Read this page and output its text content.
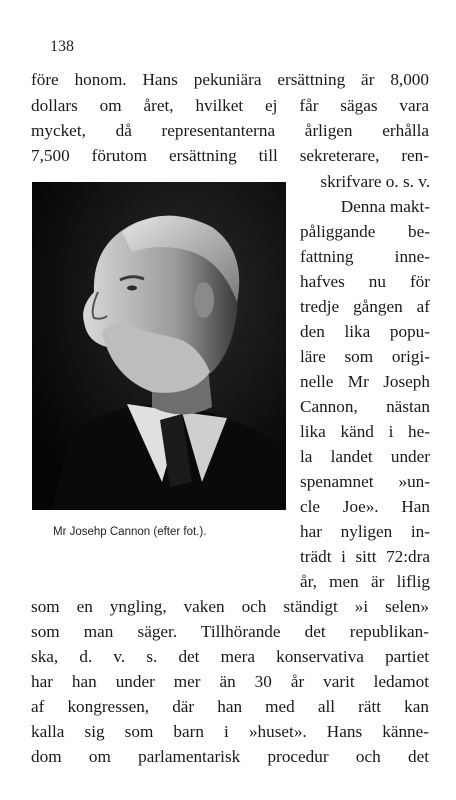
138
före honom. Hans pekuniära ersättning är 8,000
dollars om året, hvilket ej får sägas vara
mycket, då representanterna årligen erhålla
7,500 förutom ersättning till sekreterare, ren-
Mr Josehp Cannon (efter fot.).
skrifvare o. s. v.
Denna makt-
påliggande be-
fattning inne-
hafves nu för
tredje gången af
den lika popu-
läre som origi-
nelle Mr Joseph
Cannon, nästan
lika känd i he-
la landet under
spenamnet »un-
cle Joe». Han
har nyligen in-
trädt i sitt 72:dra
år, men är liflig
som en yngling, vaken och ständigt »i selen»
som man säger. Tillhörande det republikan-
ska, d. v. s. det mera konservativa partiet
har han under mer än 30 år varit ledamot
af kongressen, där han med all rätt kan
kalla sig som barn i »huset». Hans känne-
dom om parlamentarisk procedur och det
